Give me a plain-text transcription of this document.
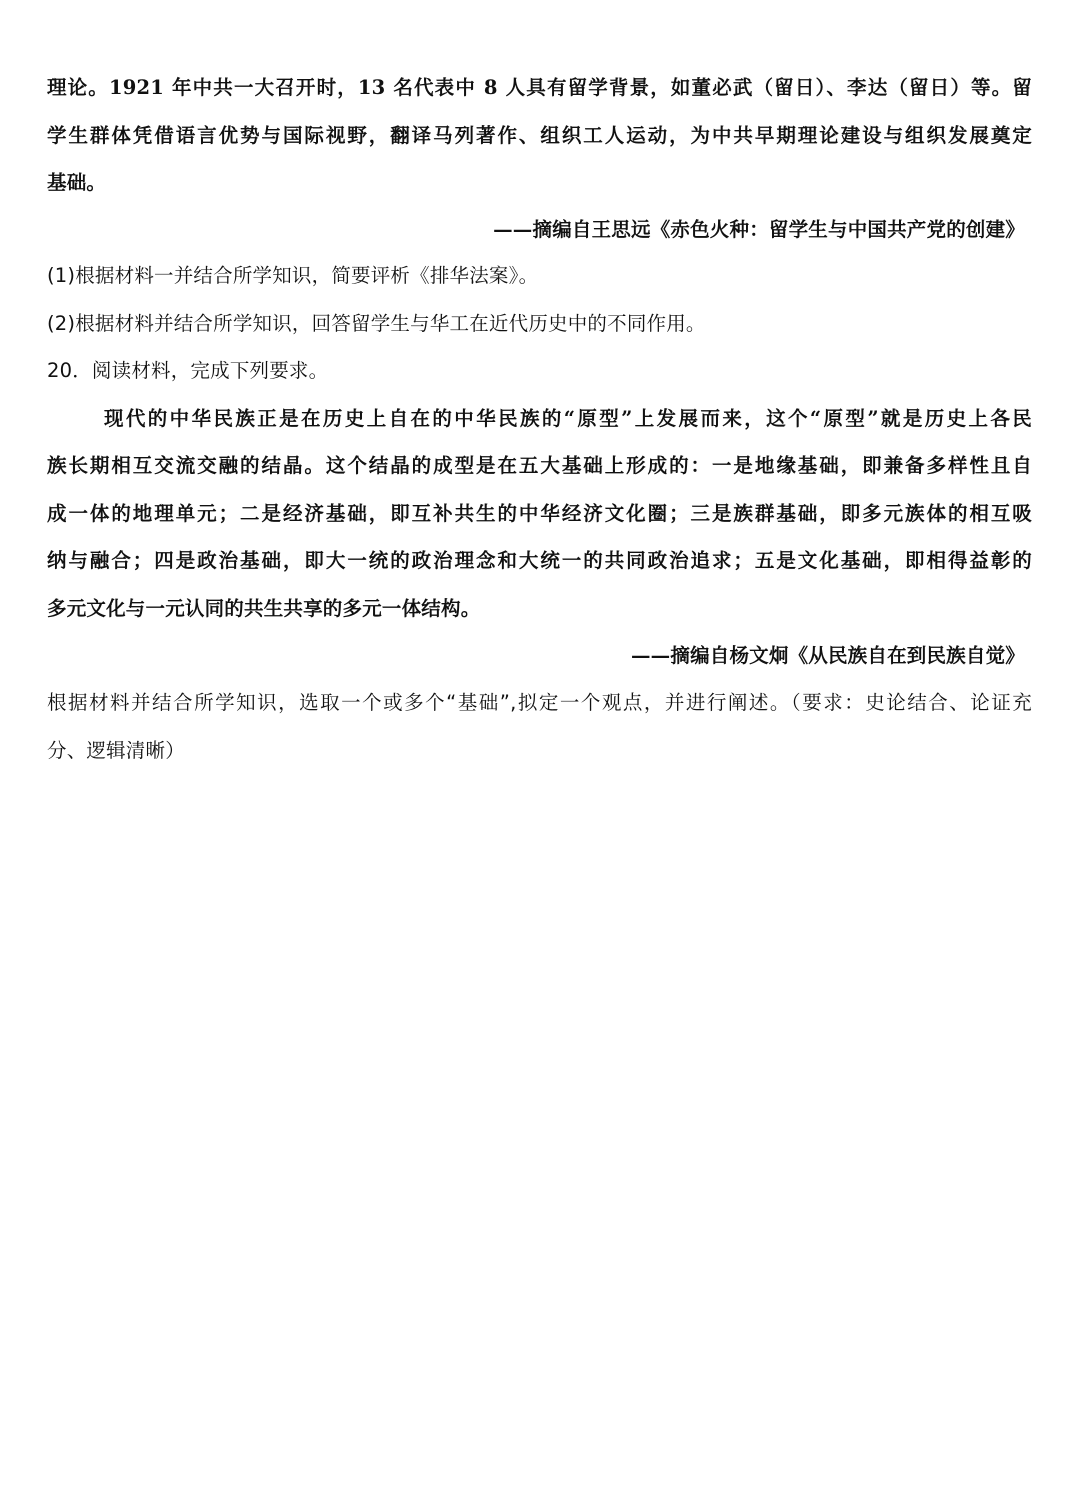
理论。1921 年中共一大召开时，13 名代表中 8 人具有留学背景，如董必武（留日）、李达（留日）等。留
学生群体凭借语言优势与国际视野，翻译马列著作、组织工人运动，为中共早期理论建设与组织发展奠定
基础。
——摘编自王思远《赤色火种：留学生与中国共产党的创建》
(1)根据材料一并结合所学知识，简要评析《排华法案》。
(2)根据材料并结合所学知识，回答留学生与华工在近代历史中的不同作用。
20．阅读材料，完成下列要求。
现代的中华民族正是在历史上自在的中华民族的“原型”上发展而来，这个“原型”就是历史上各民
族长期相互交流交融的结晶。这个结晶的成型是在五大基础上形成的：一是地缘基础，即兼备多样性且自
成一体的地理单元；二是经济基础，即互补共生的中华经济文化圈；三是族群基础，即多元族体的相互吸
纳与融合；四是政治基础，即大一统的政治理念和大统一的共同政治追求；五是文化基础，即相得益彰的
多元文化与一元认同的共生共享的多元一体结构。
——摘编自杨文炯《从民族自在到民族自觉》
根据材料并结合所学知识，选取一个或多个“基础”,拟定一个观点，并进行阐述。（要求：史论结合、论证充
分、逻辑清晰）
